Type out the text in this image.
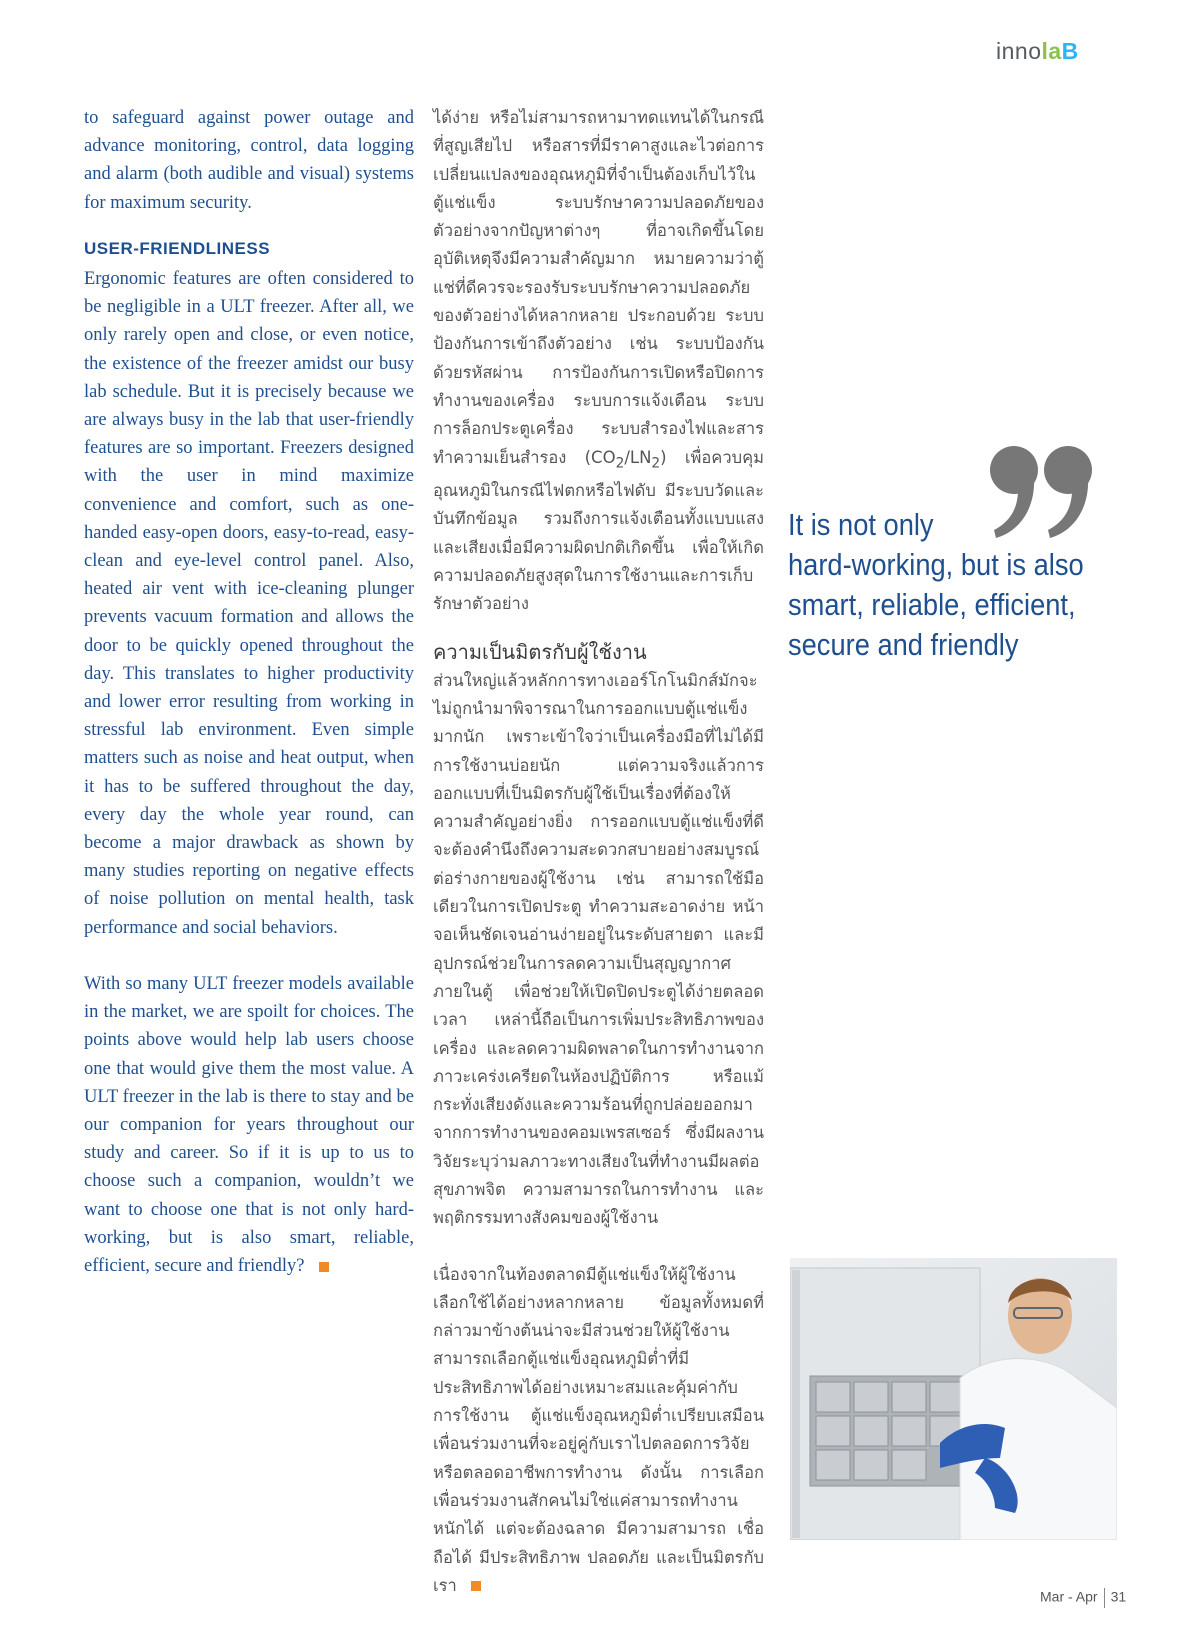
innolaB

to safeguard against power outage and advance monitoring, control, data logging and alarm (both audible and visual) systems for maximum security.

USER-FRIENDLINESS

Ergonomic features are often considered to be negligible in a ULT freezer. After all, we only rarely open and close, or even notice, the existence of the freezer amidst our busy lab schedule. But it is precisely because we are always busy in the lab that user-friendly features are so important. Freezers designed with the user in mind maximize convenience and comfort, such as one-handed easy-open doors, easy-to-read, easy-clean and eye-level control panel. Also, heated air vent with ice-cleaning plunger prevents vacuum formation and allows the door to be quickly opened throughout the day. This translates to higher productivity and lower error resulting from working in stressful lab environment. Even simple matters such as noise and heat output, when it has to be suffered throughout the day, every day the whole year round, can become a major drawback as shown by many studies reporting on negative effects of noise pollution on mental health, task performance and social behaviors.

With so many ULT freezer models available in the market, we are spoilt for choices. The points above would help lab users choose one that would give them the most value. A ULT freezer in the lab is there to stay and be our companion for years throughout our study and career. So if it is up to us to choose such a companion, wouldn’t we want to choose one that is not only hard-working, but is also smart, reliable, efficient, secure and friendly?

ได้ง่าย หรือไม่สามารถหามาทดแทนได้ในกรณีที่สูญเสียไป หรือสารที่มีราคาสูงและไวต่อการเปลี่ยนแปลงของอุณหภูมิที่จำเป็นต้องเก็บไว้ในตู้แช่แข็ง ระบบรักษาความปลอดภัยของตัวอย่างจากปัญหาต่างๆ ที่อาจเกิดขึ้นโดยอุบัติเหตุจึงมีความสำคัญมาก หมายความว่าตู้แช่ที่ดีควรจะรองรับระบบรักษาความปลอดภัยของตัวอย่างได้หลากหลาย ประกอบด้วย ระบบป้องกันการเข้าถึงตัวอย่าง เช่น ระบบป้องกันด้วยรหัสผ่าน การป้องกันการเปิดหรือปิดการทำงานของเครื่อง ระบบการแจ้งเตือน ระบบการล็อกประตูเครื่อง ระบบสำรองไฟและสารทำความเย็นสำรอง $(CO_2/LN_2)$ เพื่อควบคุมอุณหภูมิในกรณีไฟตกหรือไฟดับ มีระบบวัดและบันทึกข้อมูล รวมถึงการแจ้งเตือนทั้งแบบแสงและเสียงเมื่อมีความผิดปกติเกิดขึ้น เพื่อให้เกิดความปลอดภัยสูงสุดในการใช้งานและการเก็บรักษาตัวอย่าง

ความเป็นมิตรกับผู้ใช้งาน

ส่วนใหญ่แล้วหลักการทางเออร์โกโนมิกส์มักจะไม่ถูกนำมาพิจารณาในการออกแบบตู้แช่แข็งมากนัก เพราะเข้าใจว่าเป็นเครื่องมือที่ไม่ได้มีการใช้งานบ่อยนัก แต่ความจริงแล้วการออกแบบที่เป็นมิตรกับผู้ใช้เป็นเรื่องที่ต้องให้ความสำคัญอย่างยิ่ง การออกแบบตู้แช่แข็งที่ดีจะต้องคำนึงถึงความสะดวกสบายอย่างสมบูรณ์ต่อร่างกายของผู้ใช้งาน เช่น สามารถใช้มือเดียวในการเปิดประตู ทำความสะอาดง่าย หน้าจอเห็นชัดเจนอ่านง่ายอยู่ในระดับสายตา และมีอุปกรณ์ช่วยในการลดความเป็นสุญญากาศภายในตู้ เพื่อช่วยให้เปิดปิดประตูได้ง่ายตลอดเวลา เหล่านี้ถือเป็นการเพิ่มประสิทธิภาพของเครื่อง และลดความผิดพลาดในการทำงานจากภาวะเคร่งเครียดในห้องปฏิบัติการ หรือแม้กระทั่งเสียงดังและความร้อนที่ถูกปล่อยออกมาจากการทำงานของคอมเพรสเซอร์ ซึ่งมีผลงานวิจัยระบุว่ามลภาวะทางเสียงในที่ทำงานมีผลต่อสุขภาพจิต ความสามารถในการทำงาน และพฤติกรรมทางสังคมของผู้ใช้งาน

เนื่องจากในท้องตลาดมีตู้แช่แข็งให้ผู้ใช้งานเลือกใช้ได้อย่างหลากหลาย ข้อมูลทั้งหมดที่กล่าวมาข้างต้นน่าจะมีส่วนช่วยให้ผู้ใช้งานสามารถเลือกตู้แช่แข็งอุณหภูมิต่ำที่มีประสิทธิภาพได้อย่างเหมาะสมและคุ้มค่ากับการใช้งาน ตู้แช่แข็งอุณหภูมิต่ำเปรียบเสมือนเพื่อนร่วมงานที่จะอยู่คู่กับเราไปตลอดการวิจัยหรือตลอดอาชีพการทำงาน ดังนั้น การเลือกเพื่อนร่วมงานสักคนไม่ใช่แค่สามารถทำงานหนักได้ แต่จะต้องฉลาด มีความสามารถ เชื่อถือได้ มีประสิทธิภาพ ปลอดภัย และเป็นมิตรกับเรา

It is not only
hard-working, but is also
smart, reliable, efficient,
secure and friendly
Mar - Apr 31
